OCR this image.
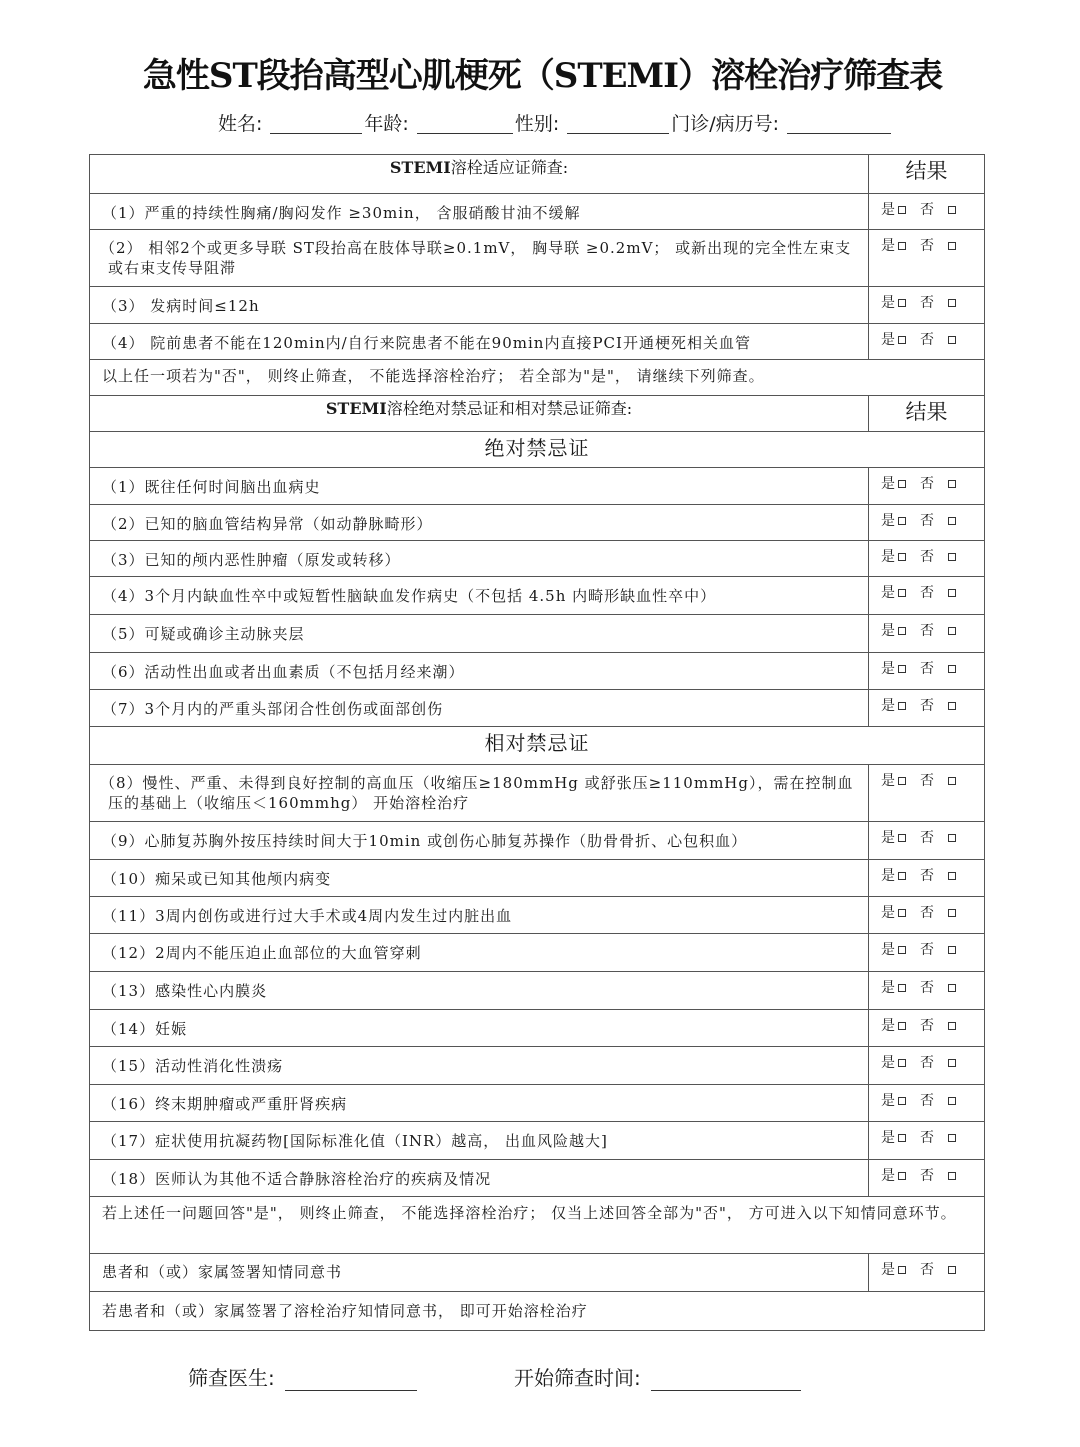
急性ST段抬高型心肌梗死（STEMI）溶栓治疗筛查表
姓名:	年龄:	性别:	门诊/病历号:
STEMI溶栓适应证筛查:	结果
（1）严重的持续性胸痛/胸闷发作 ≥30min， 含服硝酸甘油不缓解	是 否
（2） 相邻2个或更多导联 ST段抬高在肢体导联≥0.1mV， 胸导联 ≥0.2mV； 或新出现的完全性左束支或右束支传导阻滞	是 否
（3） 发病时间≤12h	是 否
（4） 院前患者不能在120min内/自行来院患者不能在90min内直接PCI开通梗死相关血管	是 否
以上任一项若为"否"， 则终止筛查， 不能选择溶栓治疗； 若全部为"是"， 请继续下列筛查。	
STEMI溶栓绝对禁忌证和相对禁忌证筛查:	结果
绝对禁忌证	
（1）既往任何时间脑出血病史	是 否
（2）已知的脑血管结构异常（如动静脉畸形）	是 否
（3）已知的颅内恶性肿瘤（原发或转移）	是 否
（4）3个月内缺血性卒中或短暂性脑缺血发作病史（不包括 4.5h 内畸形缺血性卒中）	是 否
（5）可疑或确诊主动脉夹层	是 否
（6）活动性出血或者出血素质（不包括月经来潮）	是 否
（7）3个月内的严重头部闭合性创伤或面部创伤	是 否
相对禁忌证	
（8）慢性、严重、未得到良好控制的高血压（收缩压≥180mmHg 或舒张压≥110mmHg），需在控制血压的基础上（收缩压＜160mmhg） 开始溶栓治疗	是 否
（9）心肺复苏胸外按压持续时间大于10min 或创伤心肺复苏操作（肋骨骨折、心包积血）	是 否
（10）痴呆或已知其他颅内病变	是 否
（11）3周内创伤或进行过大手术或4周内发生过内脏出血	是 否
（12）2周内不能压迫止血部位的大血管穿刺	是 否
（13）感染性心内膜炎	是 否
（14）妊娠	是 否
（15）活动性消化性溃疡	是 否
（16）终末期肿瘤或严重肝肾疾病	是 否
（17）症状使用抗凝药物[国际标准化值（INR）越高， 出血风险越大]	是 否
（18）医师认为其他不适合静脉溶栓治疗的疾病及情况	是 否
若上述任一问题回答"是"， 则终止筛查， 不能选择溶栓治疗； 仅当上述回答全部为"否"， 方可进入以下知情同意环节。	
患者和（或）家属签署知情同意书	是 否
若患者和（或）家属签署了溶栓治疗知情同意书， 即可开始溶栓治疗	
筛查医生:	开始筛查时间:
